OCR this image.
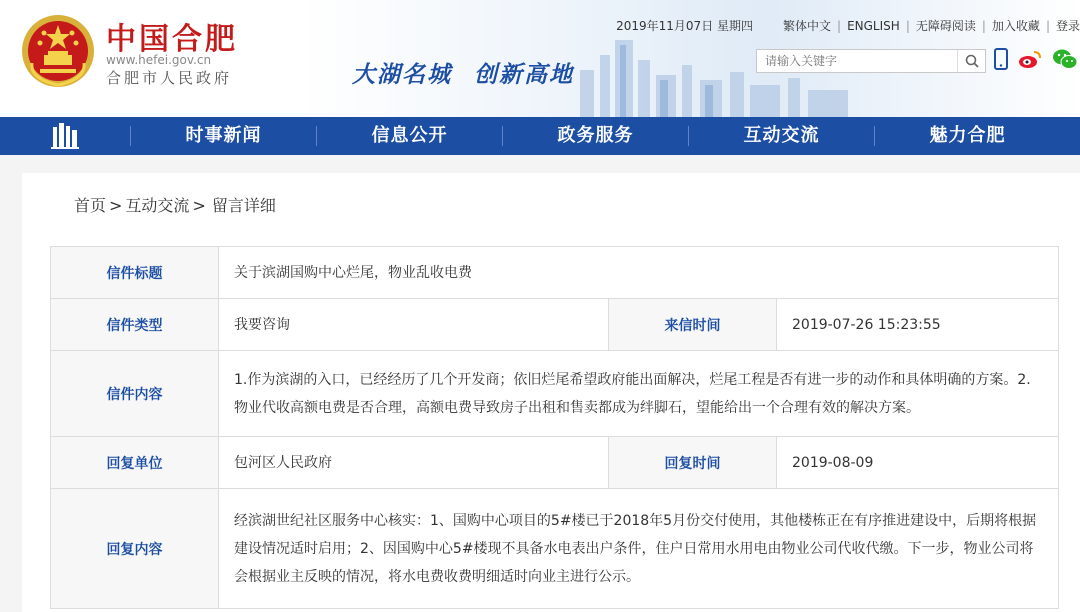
中国合肥
www.hefei.gov.cn
合肥市人民政府	大湖名城 创新高地
2019年11月07日 星期四	繁体中文 | ENGLISH | 无障碍阅读 | 加入收藏 | 登录
请输入关键字
时事新闻	信息公开	政务服务	互动交流	魅力合肥
首页 > 互动交流 > 留言详细
信件标题	关于滨湖国购中心烂尾，物业乱收电费		
信件类型	我要咨询	来信时间	2019-07-26 15:23:55
信件内容	1.作为滨湖的入口，已经经历了几个开发商；依旧烂尾希望政府能出面解决，烂尾工程是否有进一步的动作和具体明确的方案。2.物业代收高额电费是否合理，高额电费导致房子出租和售卖都成为绊脚石，望能给出一个合理有效的解决方案。		
回复单位	包河区人民政府	回复时间	2019-08-09
回复内容	经滨湖世纪社区服务中心核实：1、国购中心项目的5#楼已于2018年5月份交付使用，其他楼栋正在有序推进建设中，后期将根据建设情况适时启用；2、因国购中心5#楼现不具备水电表出户条件，住户日常用水用电由物业公司代收代缴。下一步，物业公司将会根据业主反映的情况，将水电费收费明细适时向业主进行公示。		
